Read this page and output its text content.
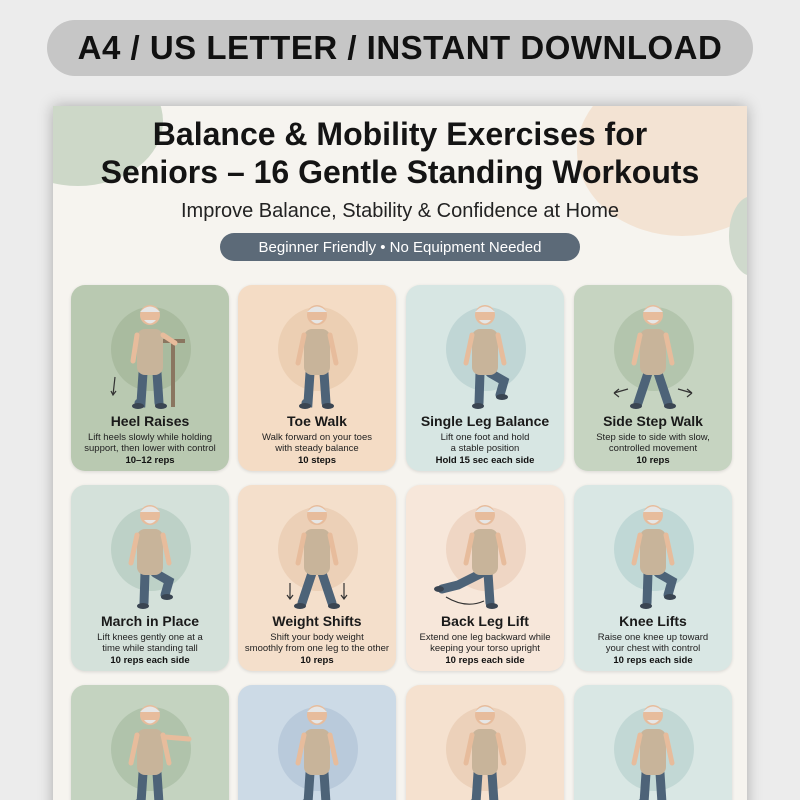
A4 / US LETTER / INSTANT DOWNLOAD
Balance & Mobility Exercises for
Seniors – 16 Gentle Standing Workouts
Improve Balance, Stability & Confidence at Home
Beginner Friendly • No Equipment Needed
Heel Raises
Lift heels slowly while holding
support, then lower with control
10–12 reps
Toe Walk
Walk forward on your toes
with steady balance
10 steps
Single Leg Balance
Lift one foot and hold
a stable position
Hold 15 sec each side
Side Step Walk
Step side to side with slow,
controlled movement
10 reps
March in Place
Lift knees gently one at a
time while standing tall
10 reps each side
Weight Shifts
Shift your body weight
smoothly from one leg to the other
10 reps
Back Leg Lift
Extend one leg backward while
keeping your torso upright
10 reps each side
Knee Lifts
Raise one knee up toward
your chest with control
10 reps each side
